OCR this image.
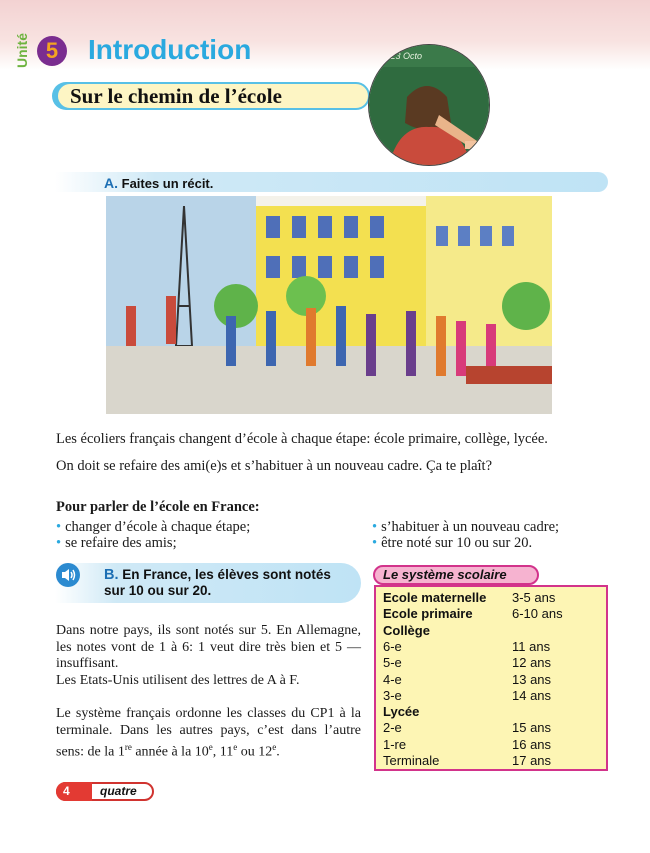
Unité 5	Introduction
Sur le chemin de l’école
lu 23 Octo
A. Faites un récit.
Les écoliers français changent d’école à chaque étape: école primaire, collège, lycée.
On doit se refaire des ami(e)s et s’habituer à un nouveau cadre. Ça te plaît?
Pour parler de l’école en France:
• changer d’école à chaque étape;
• se refaire des amis;
• s’habituer à un nouveau cadre;
• être noté sur 10 ou sur 20.
B. En France, les élèves sont notés sur 10 ou sur 20.
Dans notre pays, ils sont notés sur 5. En Allemagne, les notes vont de 1 à 6: 1 veut dire très bien et 5 — insuffisant.
Les Etats-Unis utilisent des lettres de A à F.
Le système français ordonne les classes du CP1 à la terminale. Dans les autres pays, c’est dans l’autre sens: de la 1re année à la 10e, 11e ou 12e.
Le système scolaire
Ecole maternelle 3-5 ans
Ecole primaire	6-10 ans
Collège
6-e	11 ans
5-e	12 ans
4-e	13 ans
3-e	14 ans
Lycée
2-e	15 ans
1-re	16 ans
Terminale	17 ans
4	quatre
